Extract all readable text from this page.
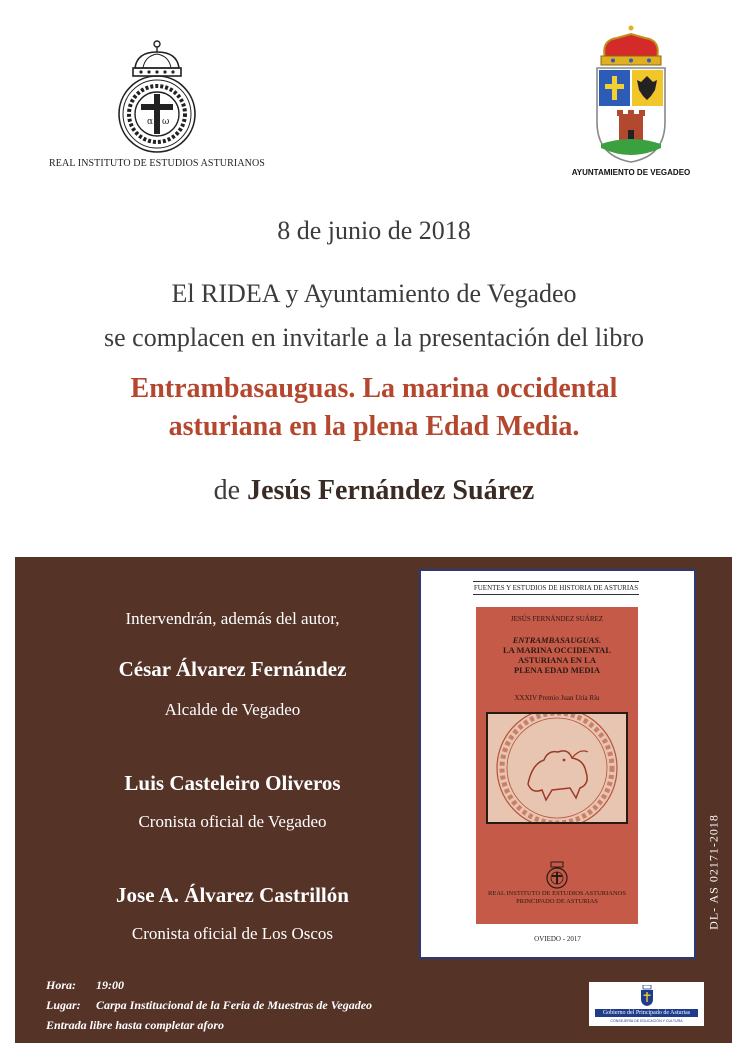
α ω
REAL INSTITUTO DE ESTUDIOS ASTURIANOS
AYUNTAMIENTO DE VEGADEO
8 de junio de 2018
El RIDEA y Ayuntamiento de Vegadeo
se complacen en invitarle a la presentación del libro
Entrambasauguas. La marina occidental
asturiana en la plena Edad Media.
de Jesús Fernández Suárez
Intervendrán, además del autor,
César Álvarez Fernández
Alcalde de Vegadeo
Luis Casteleiro Oliveros
Cronista oficial de Vegadeo
Jose A. Álvarez Castrillón
Cronista oficial de Los Oscos
FUENTES Y ESTUDIOS DE HISTORIA DE ASTURIAS
JESÚS FERNÁNDEZ SUÁREZ
ENTRAMBASAUGUAS.
LA MARINA OCCIDENTAL
ASTURIANA EN LA
PLENA EDAD MEDIA
XXXIV Premio Juan Uría Ríu
REAL INSTITUTO DE ESTUDIOS ASTURIANOS
PRINCIPADO DE ASTURIAS
OVIEDO - 2017
DL- AS 02171-2018
Hora: 19:00
Lugar: Carpa Institucional de la Feria de Muestras de Vegadeo
Entrada libre hasta completar aforo
Gobierno del Principado de Asturias
CONSEJERÍA DE EDUCACIÓN Y CULTURA
